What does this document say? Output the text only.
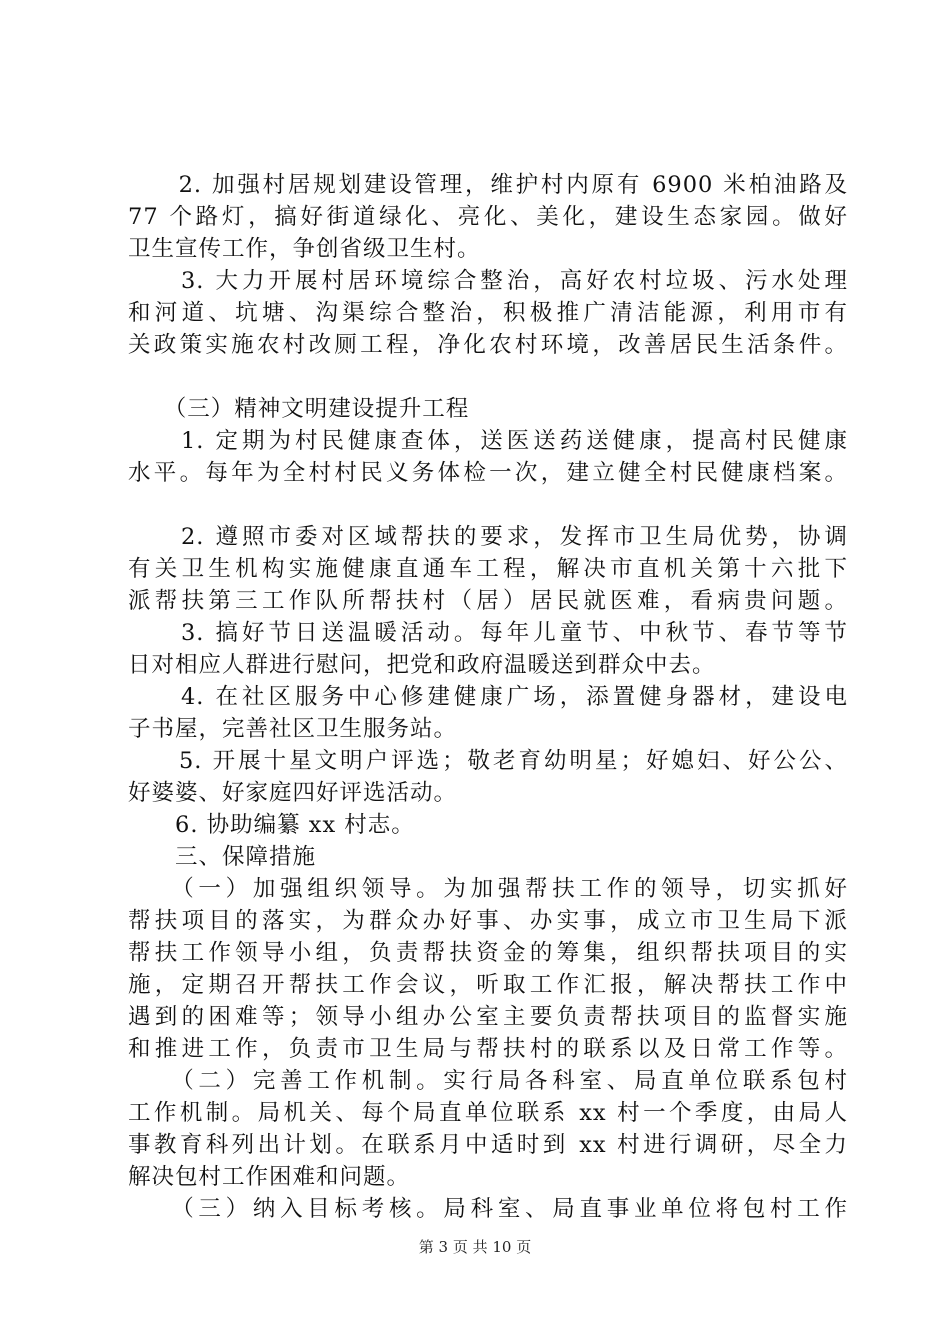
　　2. 加强村居规划建设管理，维护村内原有 6900 米柏油路及
77 个路灯，搞好街道绿化、亮化、美化，建设生态家园。做好
卫生宣传工作，争创省级卫生村。
　　3. 大力开展村居环境综合整治，高好农村垃圾、污水处理
和河道、坑塘、沟渠综合整治，积极推广清洁能源，利用市有
关政策实施农村改厕工程，净化农村环境，改善居民生活条件。
　　（三）精神文明建设提升工程
　　1. 定期为村民健康查体，送医送药送健康，提高村民健康
水平。每年为全村村民义务体检一次，建立健全村民健康档案。
　　2. 遵照市委对区域帮扶的要求，发挥市卫生局优势，协调
有关卫生机构实施健康直通车工程，解决市直机关第十六批下
派帮扶第三工作队所帮扶村（居）居民就医难，看病贵问题。
　　3. 搞好节日送温暖活动。每年儿童节、中秋节、春节等节
日对相应人群进行慰问，把党和政府温暖送到群众中去。
　　4. 在社区服务中心修建健康广场，添置健身器材，建设电
子书屋，完善社区卫生服务站。
　　5. 开展十星文明户评选；敬老育幼明星；好媳妇、好公公、
好婆婆、好家庭四好评选活动。
　　6. 协助编纂 xx 村志。
　　三、保障措施
　　（一）加强组织领导。为加强帮扶工作的领导，切实抓好
帮扶项目的落实，为群众办好事、办实事，成立市卫生局下派
帮扶工作领导小组，负责帮扶资金的筹集，组织帮扶项目的实
施，定期召开帮扶工作会议，听取工作汇报，解决帮扶工作中
遇到的困难等；领导小组办公室主要负责帮扶项目的监督实施
和推进工作，负责市卫生局与帮扶村的联系以及日常工作等。
　　（二）完善工作机制。实行局各科室、局直单位联系包村
工作机制。局机关、每个局直单位联系 xx 村一个季度，由局人
事教育科列出计划。在联系月中适时到 xx 村进行调研，尽全力
解决包村工作困难和问题。
　　（三）纳入目标考核。局科室、局直事业单位将包村工作
第 3 页 共 10 页
